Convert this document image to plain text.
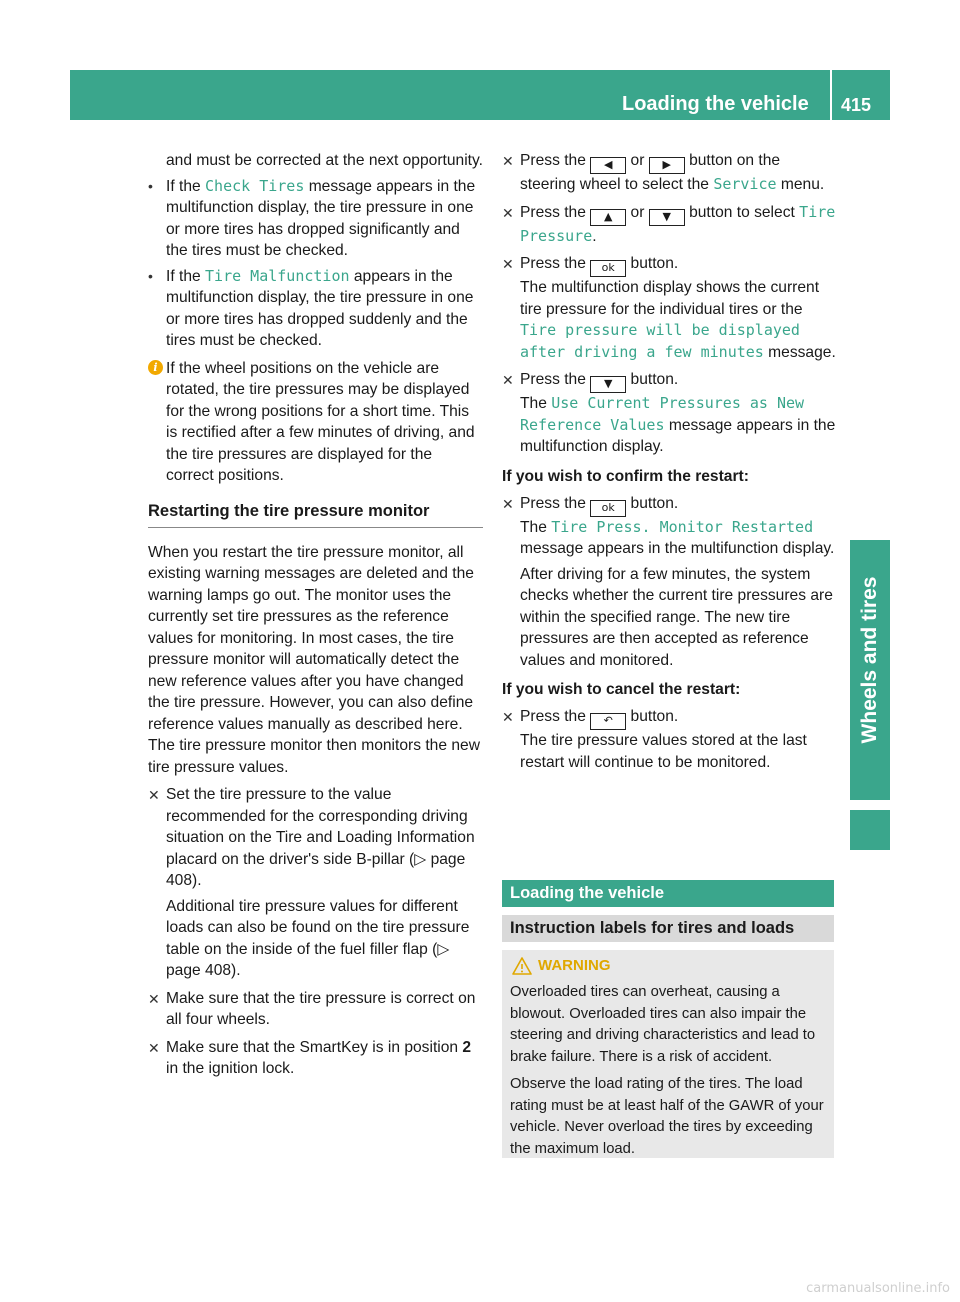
Loading the vehicle 415
Wheels and tires

and must be corrected at the next opportunity.

• If the Check Tires message appears in the multifunction display, the tire pressure in one or more tires has dropped significantly and the tires must be checked.

• If the Tire Malfunction appears in the multifunction display, the tire pressure in one or more tires has dropped suddenly and the tires must be checked.

i If the wheel positions on the vehicle are rotated, the tire pressures may be displayed for the wrong positions for a short time. This is rectified after a few minutes of driving, and the tire pressures are displayed for the correct positions.

Restarting the tire pressure monitor

When you restart the tire pressure monitor, all existing warning messages are deleted and the warning lamps go out. The monitor uses the currently set tire pressures as the reference values for monitoring. In most cases, the tire pressure monitor will automatically detect the new reference values after you have changed the tire pressure. However, you can also define reference values manually as described here. The tire pressure monitor then monitors the new tire pressure values.

✕ Set the tire pressure to the value recommended for the corresponding driving situation on the Tire and Loading Information placard on the driver's side B-pillar (▷ page 408).

Additional tire pressure values for different loads can also be found on the tire pressure table on the inside of the fuel filler flap (▷ page 408).

✕ Make sure that the tire pressure is correct on all four wheels.

✕ Make sure that the SmartKey is in position 2 in the ignition lock.

✕ Press the ◀ or ▶ button on the steering wheel to select the Service menu.

✕ Press the ▲ or ▼ button to select Tire Pressure.

✕ Press the ok button.

The multifunction display shows the current tire pressure for the individual tires or the Tire pressure will be displayed after driving a few minutes message.

✕ Press the ▼ button.

The Use Current Pressures as New Reference Values message appears in the multifunction display.

If you wish to confirm the restart:

✕ Press the ok button.

The Tire Press. Monitor Restarted message appears in the multifunction display.

After driving for a few minutes, the system checks whether the current tire pressures are within the specified range. The new tire pressures are then accepted as reference values and monitored.

If you wish to cancel the restart:

✕ Press the ↶ button.

The tire pressure values stored at the last restart will continue to be monitored.

Loading the vehicle
Instruction labels for tires and loads
WARNING

Overloaded tires can overheat, causing a blowout. Overloaded tires can also impair the steering and driving characteristics and lead to brake failure. There is a risk of accident.

Observe the load rating of the tires. The load rating must be at least half of the GAWR of your vehicle. Never overload the tires by exceeding the maximum load.

carmanualsonline.info
